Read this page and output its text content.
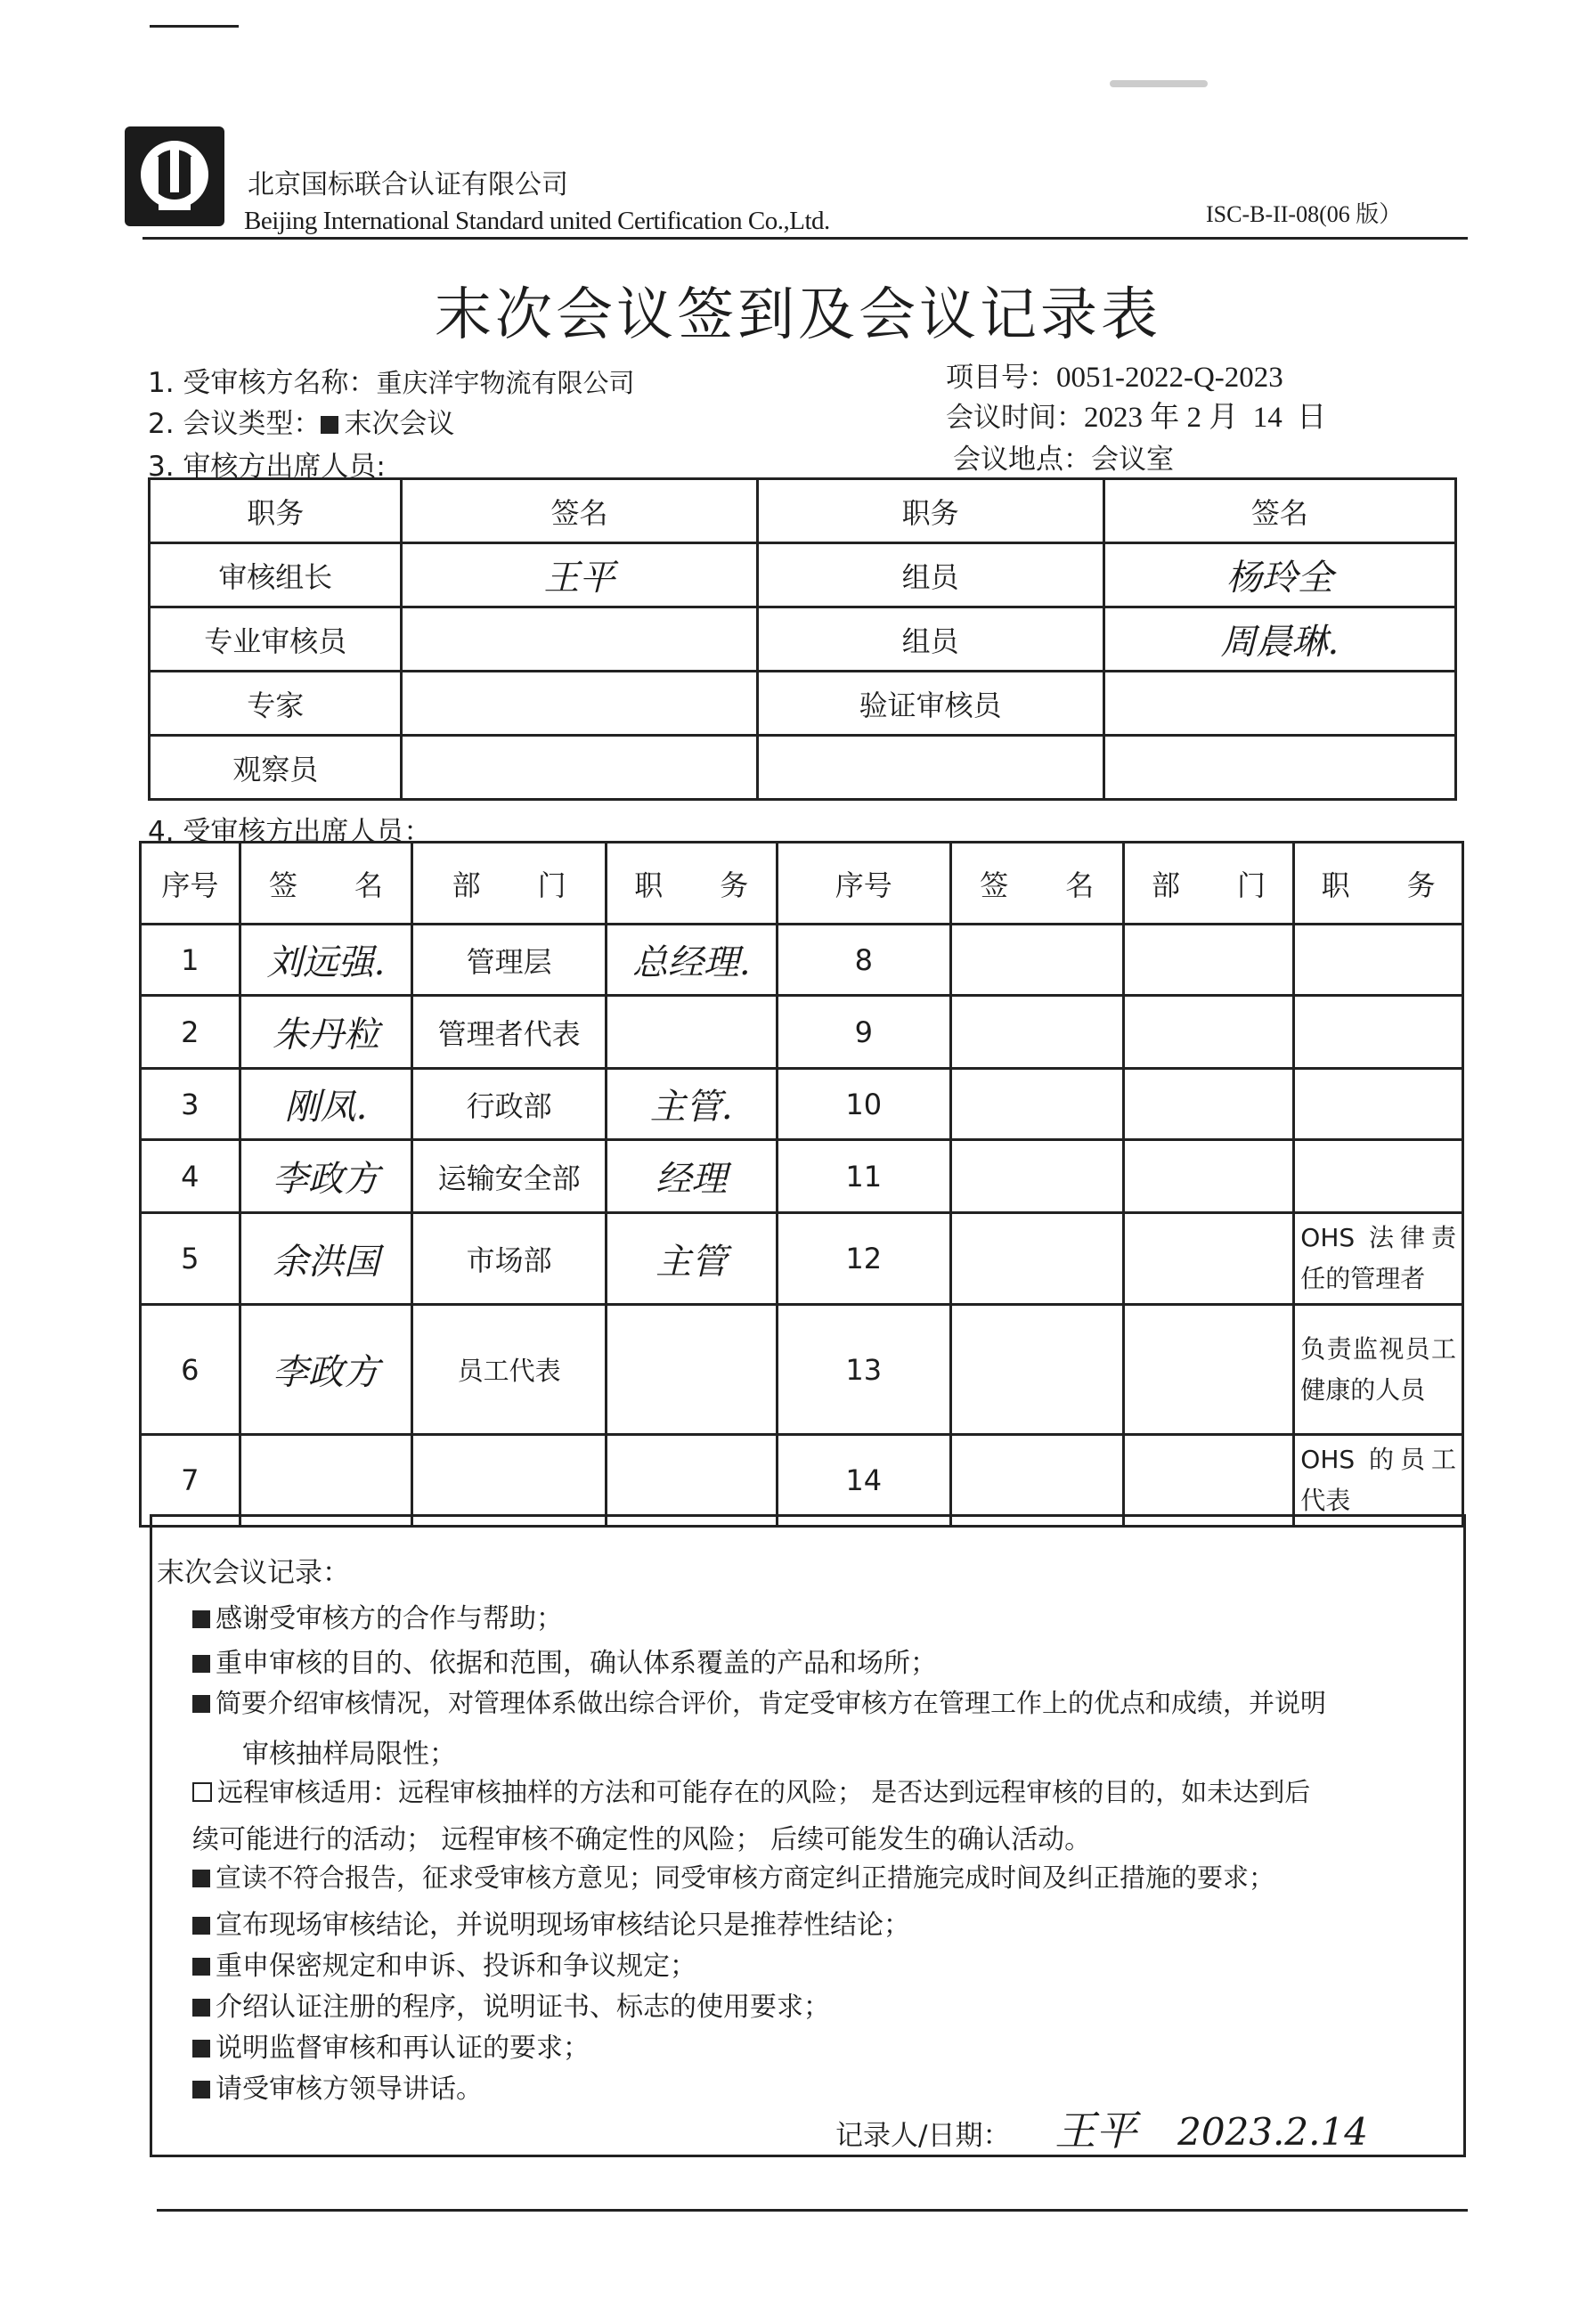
北京国标联合认证有限公司
Beijing International Standard united Certification Co.,Ltd.	ISC-B-II-08(06 版）
末次会议签到及会议记录表
1. 受审核方名称：重庆洋宇物流有限公司	项目号：0051-2022-Q-2023
2. 会议类型： 末次会议	会议时间：2023 年 2 月  14  日
3. 审核方出席人员:	会议地点：会议室
职务	签名	职务	签名
审核组长	王平	组员	杨玲全
专业审核员		组员	周晨琳.
专家		验证审核员	
观察员			
4. 受审核方出席人员：
序号	签　　名	部　　门	职　　务	序号	签　　名	部　　门	职　　务
1	刘远强.	管理层	总经理.	8			
2	朱丹粒	管理者代表		9			
3	刚凤.	行政部	主管.	10			
4	李政方	运输安全部	经理	11			
5	余洪国	市场部	主管	12			OHS 法律责任的管理者
6	李政方	员工代表		13			负责监视员工健康的人员
7				14			OHS 的员工代表
末次会议记录：
感谢受审核方的合作与帮助；
重申审核的目的、依据和范围，确认体系覆盖的产品和场所；
简要介绍审核情况，对管理体系做出综合评价，肯定受审核方在管理工作上的优点和成绩，并说明
审核抽样局限性；
远程审核适用：远程审核抽样的方法和可能存在的风险； 是否达到远程审核的目的，如未达到后
续可能进行的活动； 远程审核不确定性的风险； 后续可能发生的确认活动。
宣读不符合报告，征求受审核方意见；同受审核方商定纠正措施完成时间及纠正措施的要求；
宣布现场审核结论，并说明现场审核结论只是推荐性结论；
重申保密规定和申诉、投诉和争议规定；
介绍认证注册的程序，说明证书、标志的使用要求；
说明监督审核和再认证的要求；
请受审核方领导讲话。
记录人/日期： 王平 2023.2.14
